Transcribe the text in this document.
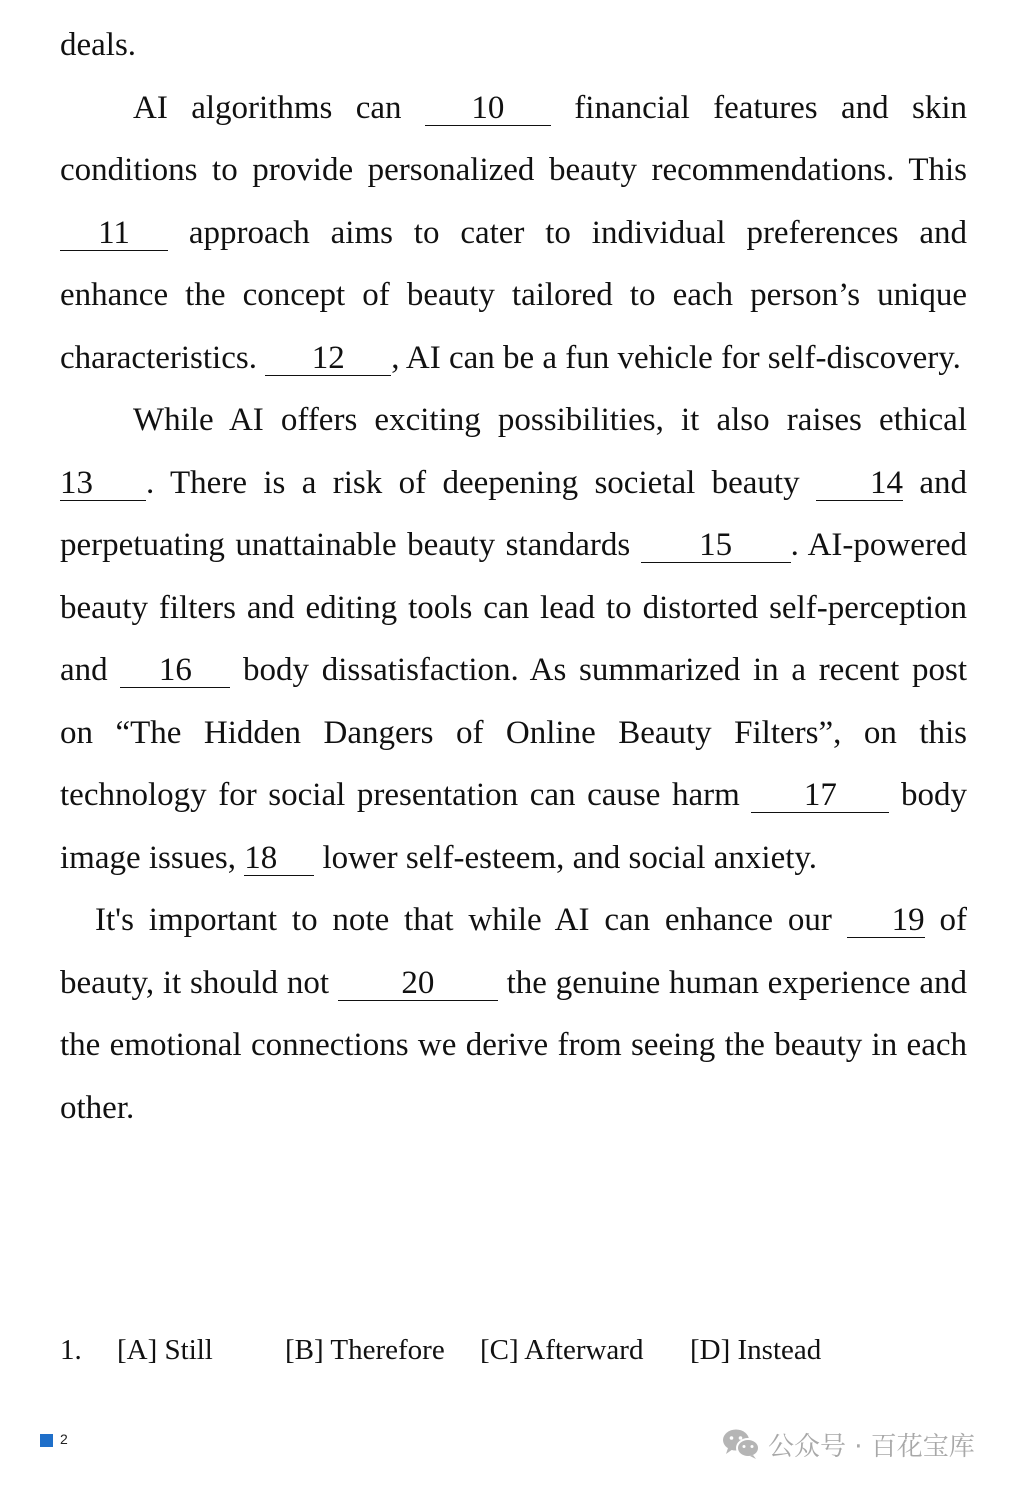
deals.

AI algorithms can 10 financial features and skin conditions to provide personalized beauty recommendations. This 11 approach aims to cater to individual preferences and enhance the concept of beauty tailored to each person’s unique characteristics. 12 , AI can be a fun vehicle for self-discovery.

While AI offers exciting possibilities, it also raises ethical 13 . There is a risk of deepening societal beauty 14 and perpetuating unattainable beauty standards 15 . AI-powered beauty filters and editing tools can lead to distorted self-perception and 16 body dissatisfaction. As summarized in a recent post on “The Hidden Dangers of Online Beauty Filters”, on this technology for social presentation can cause harm 17 body image issues, 18 lower self-esteem, and social anxiety.

It's important to note that while AI can enhance our 19 of beauty, it should not 20 the genuine human experience and the emotional connections we derive from seeing the beauty in each other.

1. [A] Still [B] Therefore [C] Afterward [D] Instead
2	公众号 · 百花宝库
